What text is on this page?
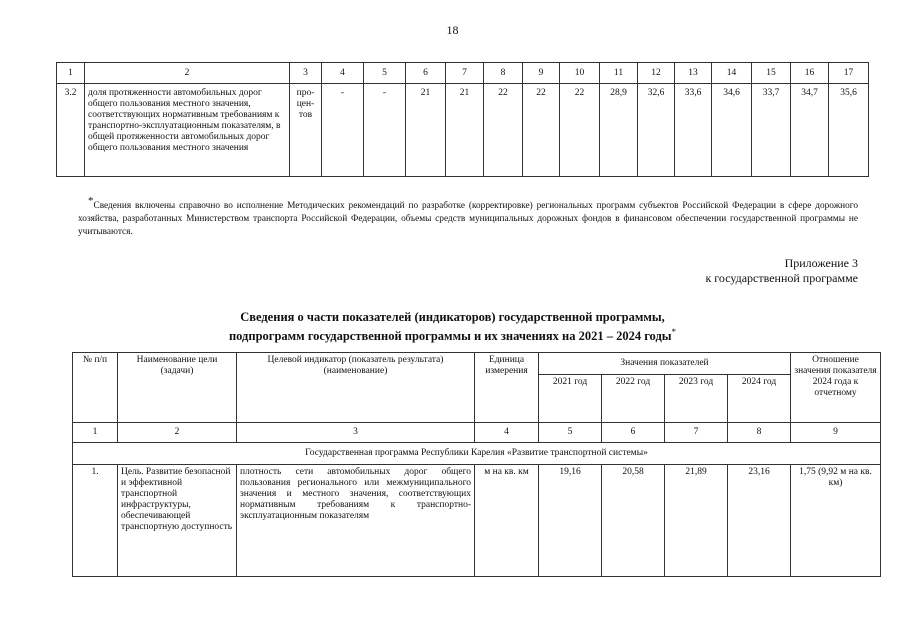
18
1	2	3	4	5	6	7	8	9	10	11	12	13	14	15	16	17
3.2	доля протяженности автомобильных дорог общего пользования местного значения, соответствующих нормативным требованиям к транспортно-эксплуатационным показателям, в общей протяженности автомобильных дорог общего пользования местного значения	про-цен-тов	-	-	21	21	22	22	22	28,9	32,6	33,6	34,6	33,7	34,7	35,6
*Сведения включены справочно во исполнение Методических рекомендаций по разработке (корректировке) региональных программ субъектов Российской Федерации в сфере дорожного хозяйства, разработанных Министерством транспорта Российской Федерации, объемы средств муниципальных дорожных фондов в финансовом обеспечении государственной программы не учитываются.
Приложение 3
к государственной программе
Сведения о части показателей (индикаторов) государственной программы,
подпрограмм государственной программы и их значениях на 2021 – 2024 годы*
№ п/п	Наименование цели (задачи)	Целевой индикатор (показатель результата) (наименование)	Единица измерения	Значения показателей				Отношение значения показателя 2024 года к отчетному
				2021 год	2022 год	2023 год	2024 год	
1	2	3	4	5	6	7	8	9
Государственная программа Республики Карелия «Развитие транспортной системы»								
1.	Цель. Развитие безопасной и эффективной транспортной инфраструктуры, обеспечивающей транспортную доступность	плотность сети автомобильных дорог общего пользования регионального или межмуниципального значения и местного значения, соответствующих нормативным требованиям к транспортно-эксплуатационным показателям	м на кв. км	19,16	20,58	21,89	23,16	1,75 (9,92 м на кв. км)
